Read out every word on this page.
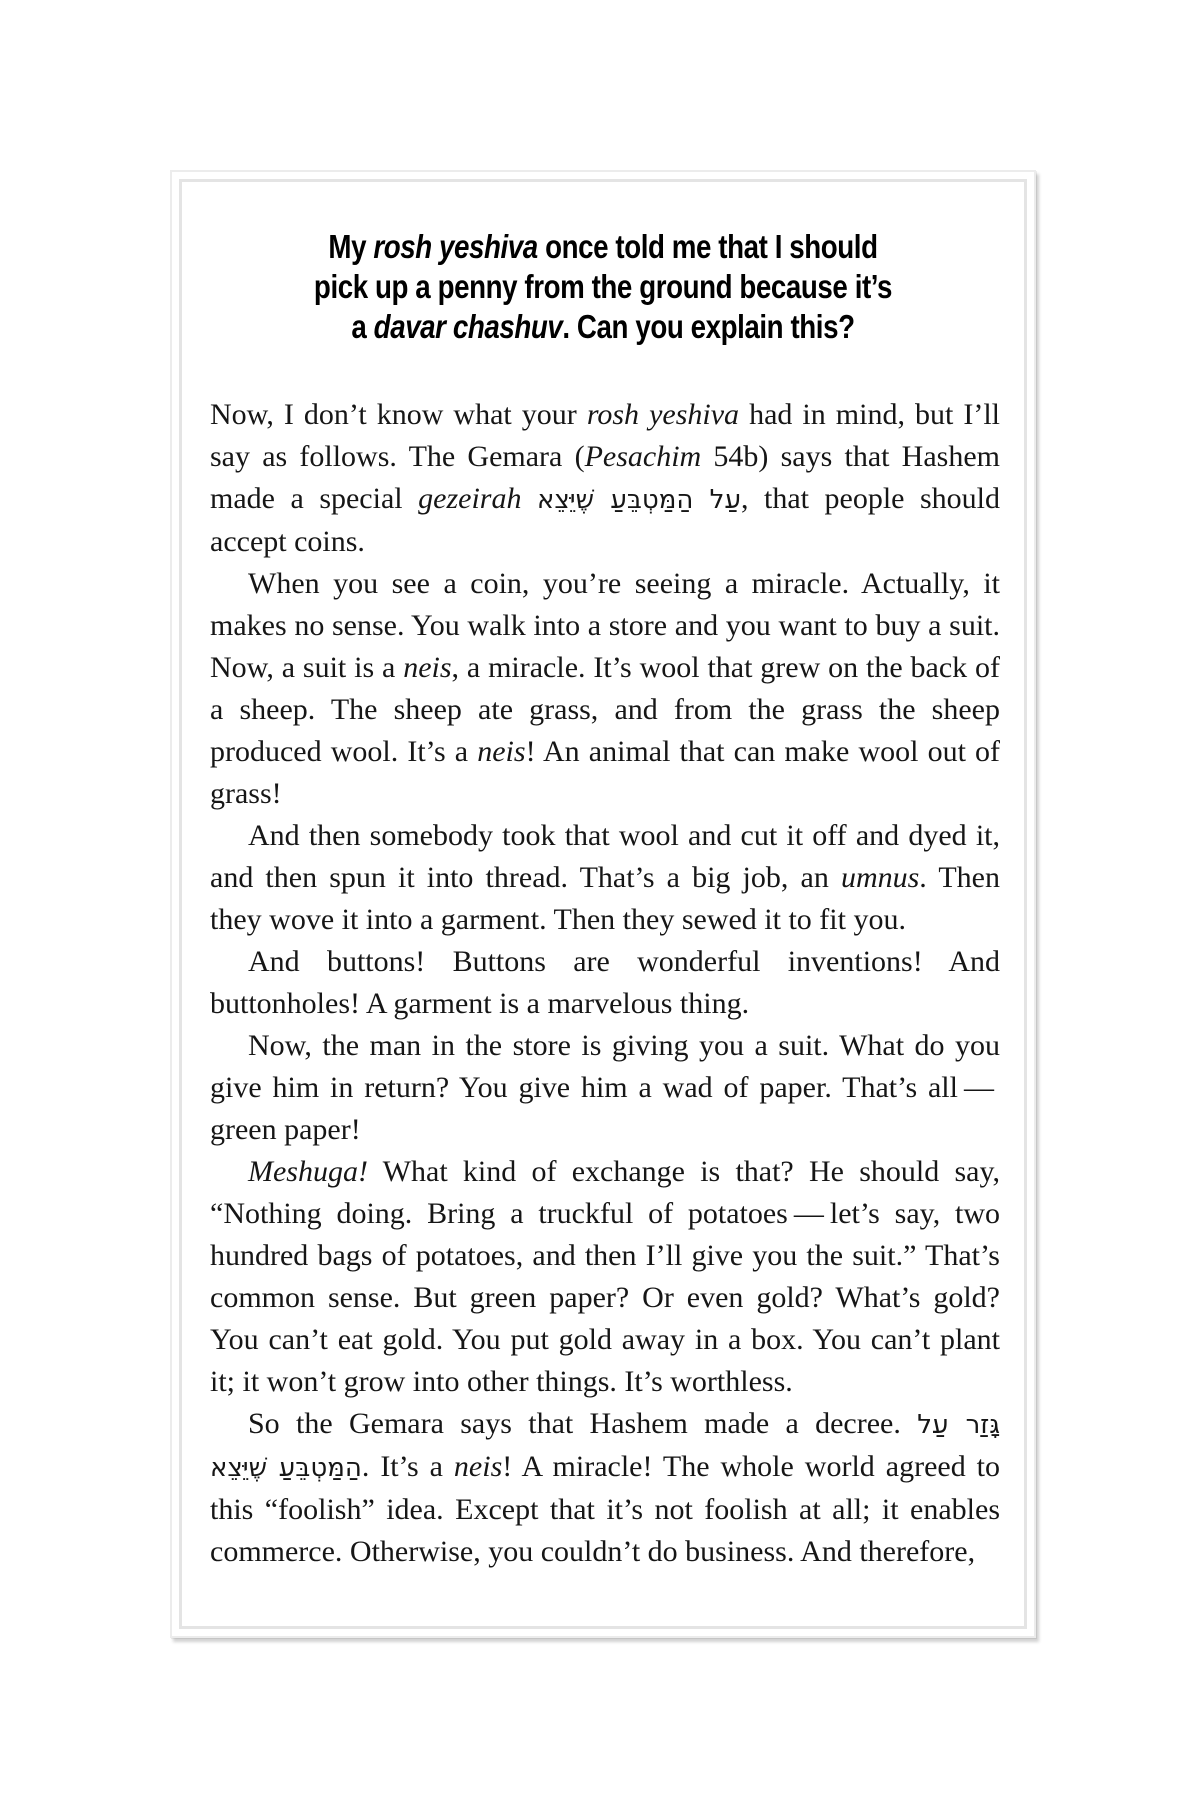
My rosh yeshiva once told me that I should
pick up a penny from the ground because it’s
a davar chashuv. Can you explain this?

Now, I don’t know what your rosh yeshiva had in mind, but I’ll say as follows. The Gemara (Pesachim 54b) says that Hashem made a special gezeirah עַל הַמַּטְבֵּעַ שֶׁיֵּצֵא, that people should accept coins.

When you see a coin, you’re seeing a miracle. Actually, it makes no sense. You walk into a store and you want to buy a suit. Now, a suit is a neis, a miracle. It’s wool that grew on the back of a sheep. The sheep ate grass, and from the grass the sheep produced wool. It’s a neis! An animal that can make wool out of grass!

And then somebody took that wool and cut it off and dyed it, and then spun it into thread. That’s a big job, an umnus. Then they wove it into a garment. Then they sewed it to fit you.

And buttons! Buttons are wonderful inventions! And buttonholes! A garment is a marvelous thing.

Now, the man in the store is giving you a suit. What do you give him in return? You give him a wad of paper. That’s all — green paper!

Meshuga! What kind of exchange is that? He should say, “Nothing doing. Bring a truckful of potatoes — let’s say, two hundred bags of potatoes, and then I’ll give you the suit.” That’s common sense. But green paper? Or even gold? What’s gold? You can’t eat gold. You put gold away in a box. You can’t plant it; it won’t grow into other things. It’s worthless.

So the Gemara says that Hashem made a decree. גָּזַר עַל הַמַּטְבֵּעַ שֶׁיֵּצֵא. It’s a neis! A miracle! The whole world agreed to this “foolish” idea. Except that it’s not foolish at all; it enables commerce. Otherwise, you couldn’t do business. And therefore,
